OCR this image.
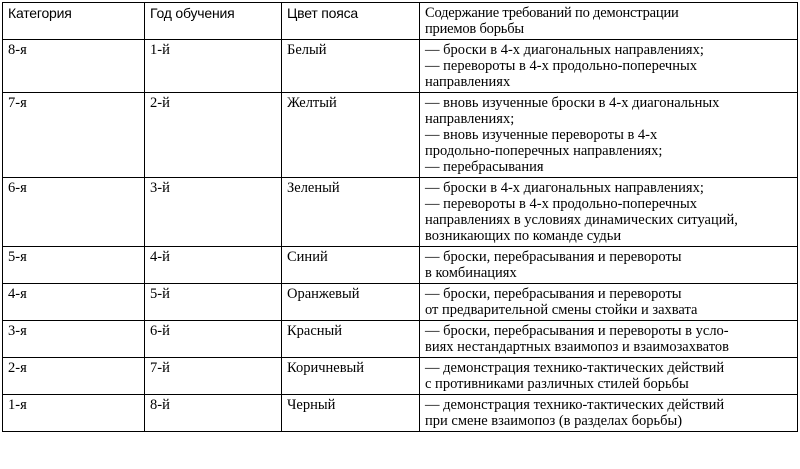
Категория	Год обучения	Цвет пояса	Содержание требований по демонстрации
приемов борьбы

8-я	1-й	Белый	— броски в 4-х диагональных направлениях;
— перевороты в 4-х продольно-поперечных
направлениях

7-я	2-й	Желтый	— вновь изученные броски в 4-х диагональных
направлениях;
— вновь изученные перевороты в 4-х
продольно-поперечных направлениях;
— перебрасывания

6-я	3-й	Зеленый	— броски в 4-х диагональных направлениях;
— перевороты в 4-х продольно-поперечных
направлениях в условиях динамических ситуаций,
возникающих по команде судьи

5-я	4-й	Синий	— броски, перебрасывания и перевороты
в комбинациях

4-я	5-й	Оранжевый	— броски, перебрасывания и перевороты
от предварительной смены стойки и захвата

3-я	6-й	Красный	— броски, перебрасывания и перевороты в усло-
виях нестандартных взаимопоз и взаимозахватов

2-я	7-й	Коричневый	— демонстрация технико-тактических действий
с противниками различных стилей борьбы

1-я	8-й	Черный	— демонстрация технико-тактических действий
при смене взаимопоз (в разделах борьбы)
